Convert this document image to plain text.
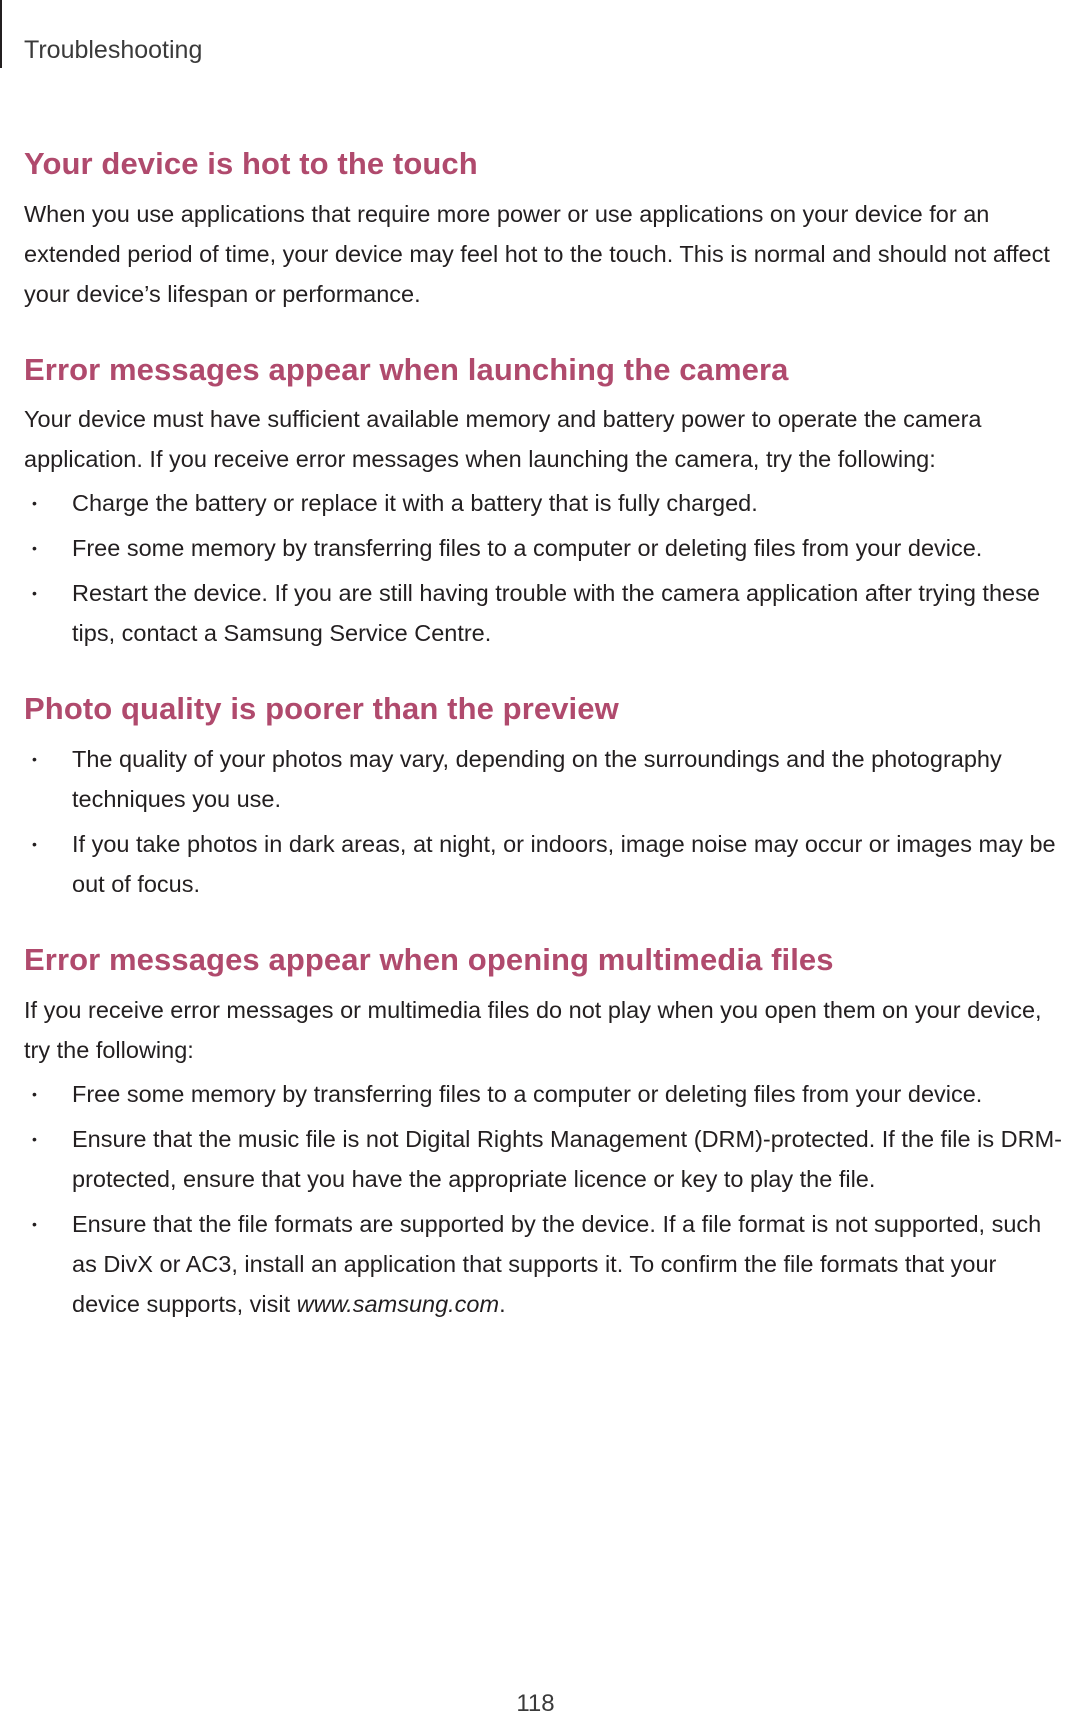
Troubleshooting
Your device is hot to the touch

When you use applications that require more power or use applications on your device for an extended period of time, your device may feel hot to the touch. This is normal and should not affect your device’s lifespan or performance.

Error messages appear when launching the camera

Your device must have sufficient available memory and battery power to operate the camera application. If you receive error messages when launching the camera, try the following:

• Charge the battery or replace it with a battery that is fully charged.
• Free some memory by transferring files to a computer or deleting files from your device.
• Restart the device. If you are still having trouble with the camera application after trying these tips, contact a Samsung Service Centre.
Photo quality is poorer than the preview
• The quality of your photos may vary, depending on the surroundings and the photography techniques you use.
• If you take photos in dark areas, at night, or indoors, image noise may occur or images may be out of focus.
Error messages appear when opening multimedia files

If you receive error messages or multimedia files do not play when you open them on your device, try the following:

• Free some memory by transferring files to a computer or deleting files from your device.
• Ensure that the music file is not Digital Rights Management (DRM)-protected. If the file is DRM-protected, ensure that you have the appropriate licence or key to play the file.
• Ensure that the file formats are supported by the device. If a file format is not supported, such as DivX or AC3, install an application that supports it. To confirm the file formats that your device supports, visit www.samsung.com.
118
